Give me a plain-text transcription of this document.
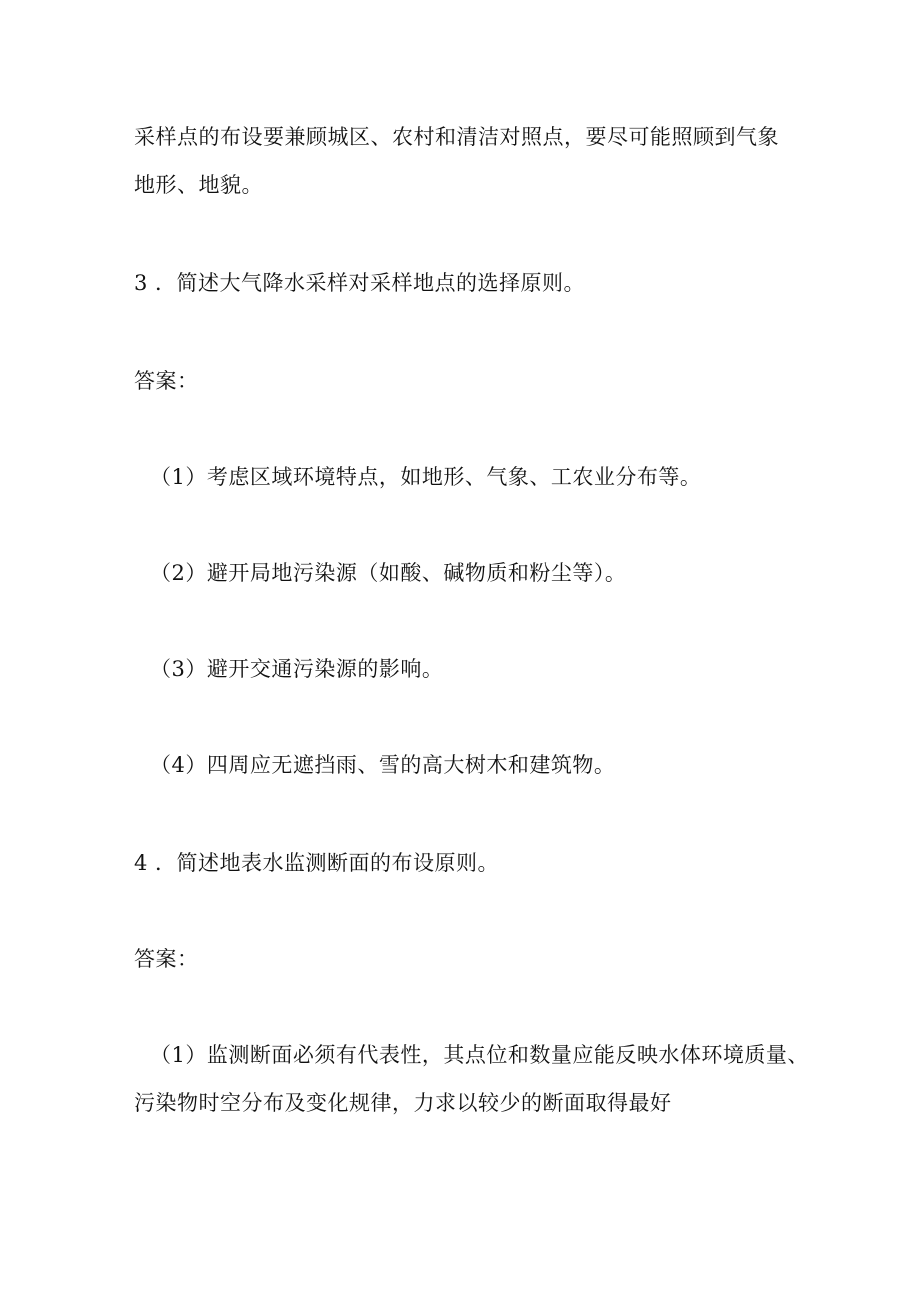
采样点的布设要兼顾城区、农村和清洁对照点，要尽可能照顾到气象
地形、地貌。
3 ．简述大气降水采样对采样地点的选择原则。
答案：
（1）考虑区域环境特点，如地形、气象、工农业分布等。
（2）避开局地污染源（如酸、碱物质和粉尘等）。
（3）避开交通污染源的影响。
（4）四周应无遮挡雨、雪的高大树木和建筑物。
4 ．简述地表水监测断面的布设原则。
答案：
（1）监测断面必须有代表性，其点位和数量应能反映水体环境质量、
污染物时空分布及变化规律，力求以较少的断面取得最好
